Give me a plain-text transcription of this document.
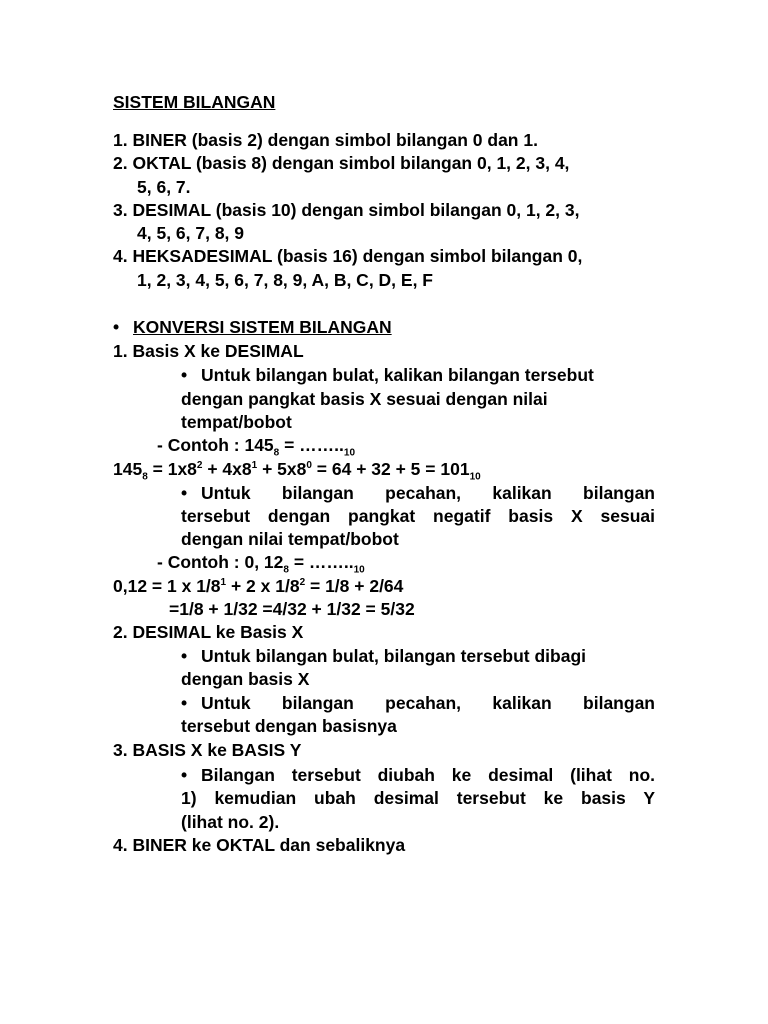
SISTEM BILANGAN
1. BINER (basis 2) dengan simbol bilangan 0 dan 1.
2. OKTAL (basis 8) dengan simbol bilangan 0, 1, 2, 3, 4,
5, 6, 7.
3. DESIMAL (basis 10) dengan simbol bilangan 0, 1, 2, 3,
4, 5, 6, 7, 8, 9
4. HEKSADESIMAL (basis 16) dengan simbol bilangan 0,
1, 2, 3, 4, 5, 6, 7, 8, 9, A, B, C, D, E, F
• KONVERSI SISTEM BILANGAN
1. Basis X ke DESIMAL
• Untuk bilangan bulat, kalikan bilangan tersebut
dengan pangkat basis X sesuai dengan nilai
tempat/bobot
- Contoh : $145_8$ = $\dots\dots.._{10}$
$145_8 = 1x8^2 + 4x8^1 + 5x8^0 = 64 + 32 + 5 = 101_{10}$
• Untuk bilangan pecahan, kalikan bilangan
tersebut dengan pangkat negatif basis X sesuai
dengan nilai tempat/bobot
- Contoh : 0, $12_8$ = $\dots\dots.._{10}$
0,12 = 1 x $1/8^1 + 2$ x $1/8^2 = 1/8 + 2/64$
=1/8 + 1/32 =4/32 + 1/32 = 5/32
2. DESIMAL ke Basis X
• Untuk bilangan bulat, bilangan tersebut dibagi
dengan basis X
• Untuk bilangan pecahan, kalikan bilangan
tersebut dengan basisnya
3. BASIS X ke BASIS Y
• Bilangan tersebut diubah ke desimal (lihat no.
1) kemudian ubah desimal tersebut ke basis Y
(lihat no. 2).
4. BINER ke OKTAL dan sebaliknya
